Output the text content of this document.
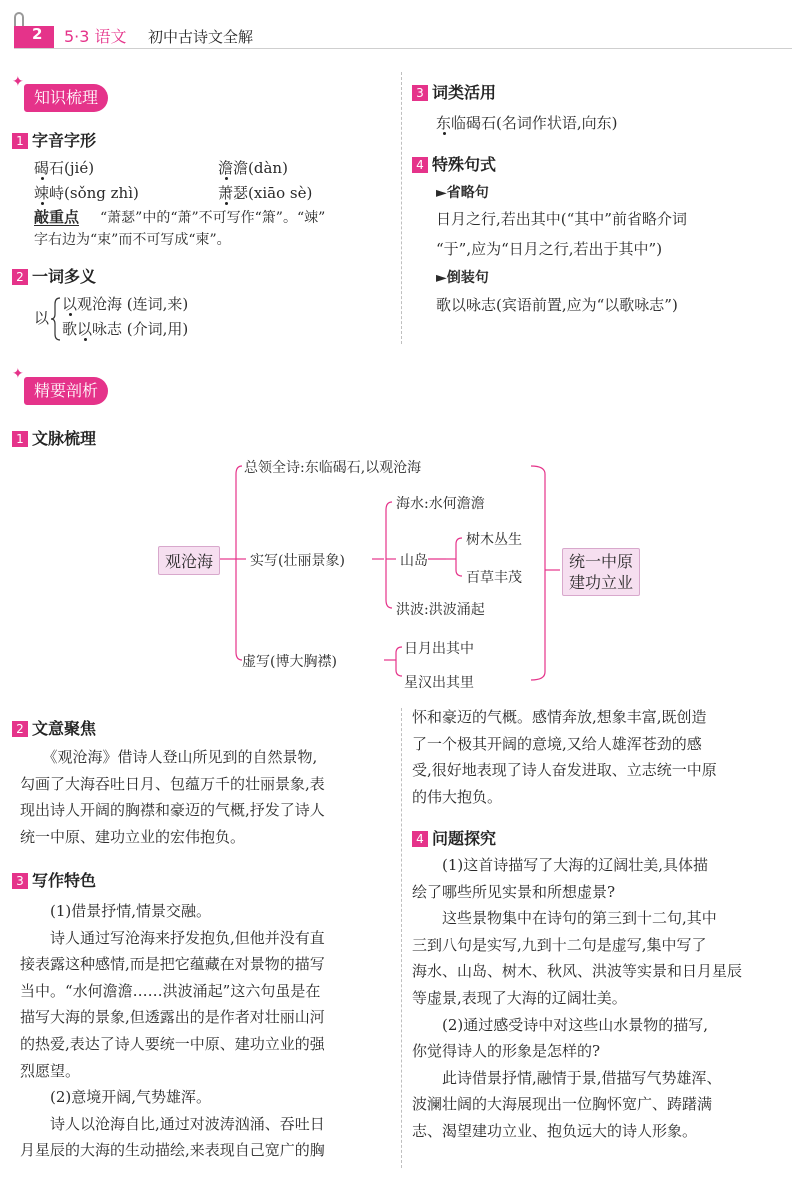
2 5·3 语文 初中古诗文全解
✦
知识梳理
1 字音字形
碣石(jié)	澹澹(dàn)
竦峙(sǒng zhì)	萧瑟(xiāo sè)
敲重点 “萧瑟”中的“萧”不可写作“箫”。“竦”
字右边为“束”而不可写成“柬”。
2 一词多义
以
以观沧海 (连词,来)
歌以咏志 (介词,用)
3 词类活用
东临碣石(名词作状语,向东)
4 特殊句式
►省略句
日月之行,若出其中(“其中”前省略介词
“于”,应为“日月之行,若出于其中”)
►倒装句
歌以咏志(宾语前置,应为“以歌咏志”)
✦
精要剖析
1 文脉梳理
观沧海
总领全诗:东临碣石,以观沧海
实写(壮丽景象)
海水:水何澹澹
山岛
树木丛生
百草丰茂
洪波:洪波涌起
虚写(博大胸襟)
日月出其中
星汉出其里
统一中原
建功立业
2 文意聚焦

　　《观沧海》借诗人登山所见到的自然景物,

勾画了大海吞吐日月、包蕴万千的壮丽景象,表

现出诗人开阔的胸襟和豪迈的气概,抒发了诗人

统一中原、建功立业的宏伟抱负。

3 写作特色

　　(1)借景抒情,情景交融。

　　诗人通过写沧海来抒发抱负,但他并没有直

接表露这种感情,而是把它蕴藏在对景物的描写

当中。“水何澹澹……洪波涌起”这六句虽是在

描写大海的景象,但透露出的是作者对壮丽山河

的热爱,表达了诗人要统一中原、建功立业的强

烈愿望。

　　(2)意境开阔,气势雄浑。

　　诗人以沧海自比,通过对波涛汹涌、吞吐日

月星辰的大海的生动描绘,来表现自己宽广的胸

怀和豪迈的气概。感情奔放,想象丰富,既创造

了一个极其开阔的意境,又给人雄浑苍劲的感

受,很好地表现了诗人奋发进取、立志统一中原

的伟大抱负。

4 问题探究

　　(1)这首诗描写了大海的辽阔壮美,具体描

绘了哪些所见实景和所想虚景?

　　这些景物集中在诗句的第三到十二句,其中

三到八句是实写,九到十二句是虚写,集中写了

海水、山岛、树木、秋风、洪波等实景和日月星辰

等虚景,表现了大海的辽阔壮美。

　　(2)通过感受诗中对这些山水景物的描写,

你觉得诗人的形象是怎样的?

　　此诗借景抒情,融情于景,借描写气势雄浑、

波澜壮阔的大海展现出一位胸怀宽广、踌躇满

志、渴望建功立业、抱负远大的诗人形象。
